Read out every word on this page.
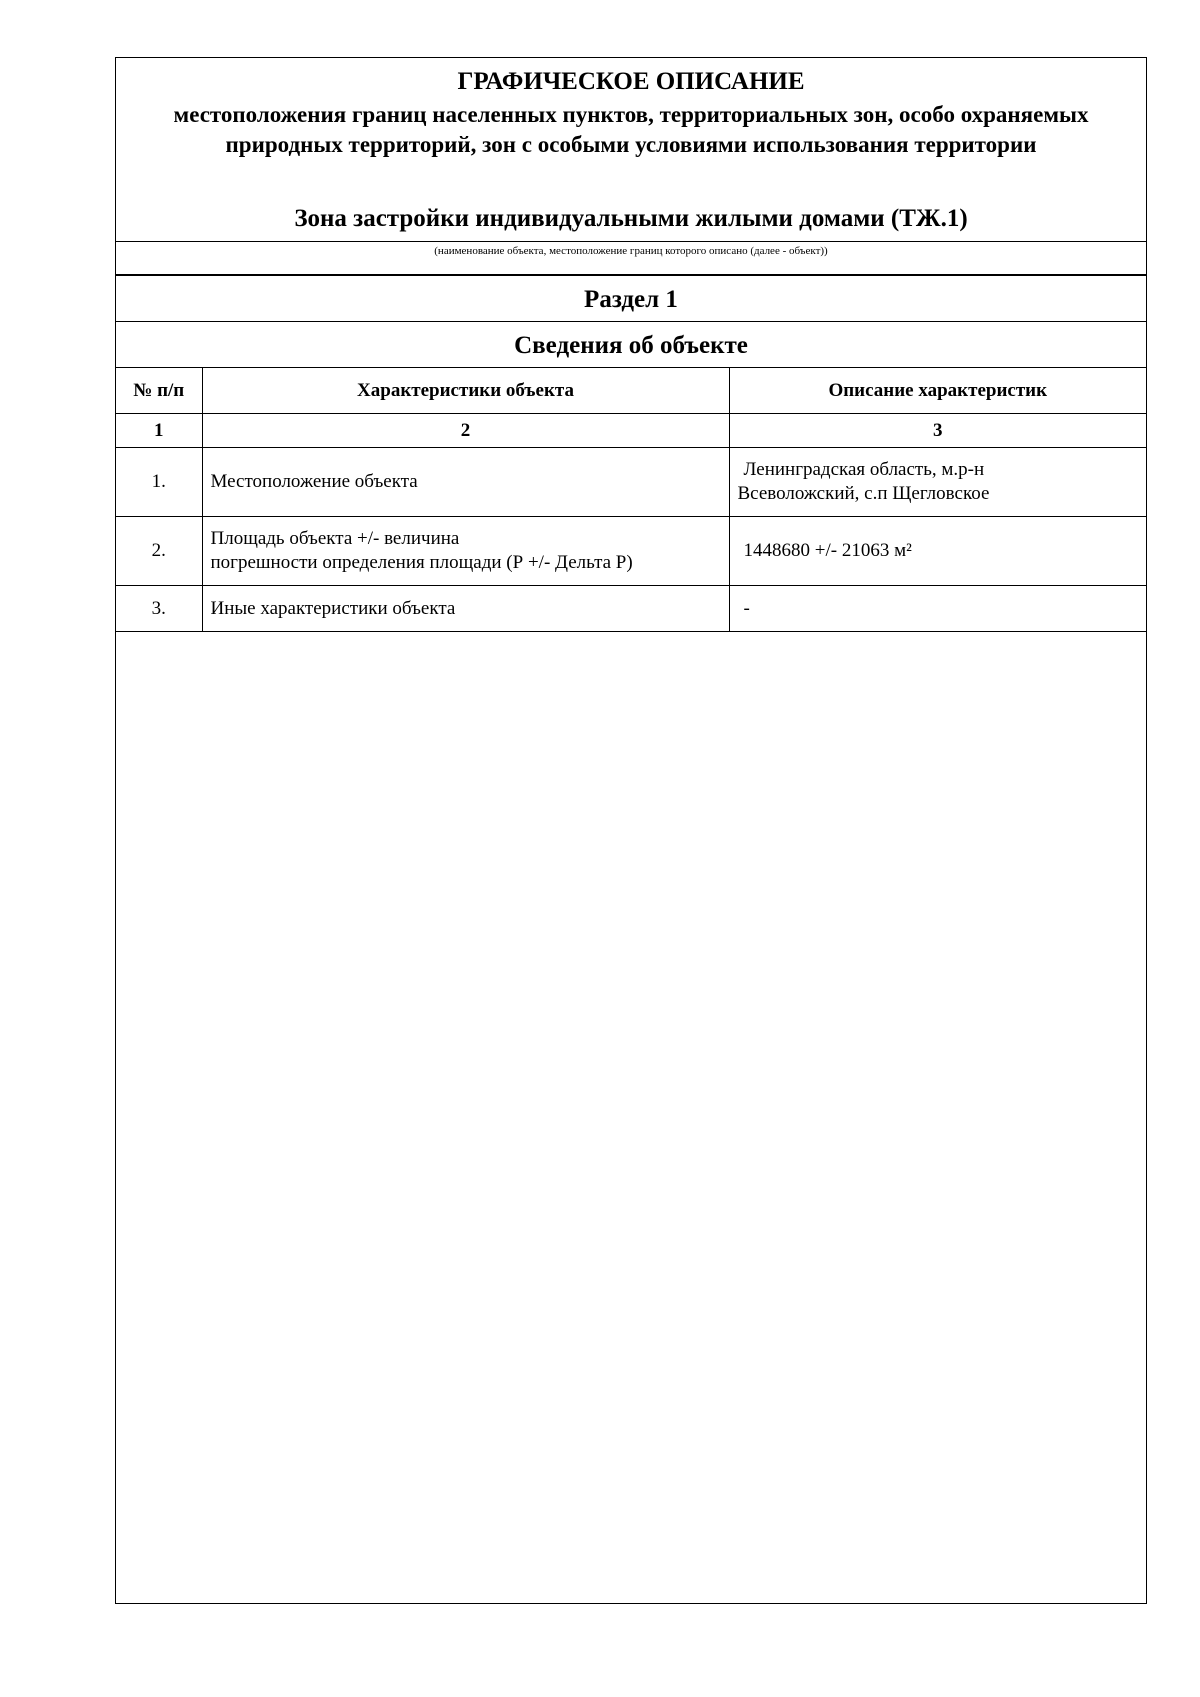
ГРАФИЧЕСКОЕ ОПИСАНИЕ
местоположения границ населенных пунктов, территориальных зон, особо охраняемых природных территорий, зон с особыми условиями использования территории
Зона застройки индивидуальными жилыми домами (ТЖ.1)
(наименование объекта, местоположение границ которого описано (далее - объект))
Раздел 1
Сведения об объекте
№ п/п	Характеристики объекта	Описание характеристик
1	2	3
1.	Местоположение объекта	Ленинградская область, м.р-н
Всеволожский, с.п Щегловское

2.	Площадь объекта +/- величина
погрешности определения площади (Р +/- Дельта Р)	1448680 +/- 21063 м²
3.	Иные характеристики объекта	-
